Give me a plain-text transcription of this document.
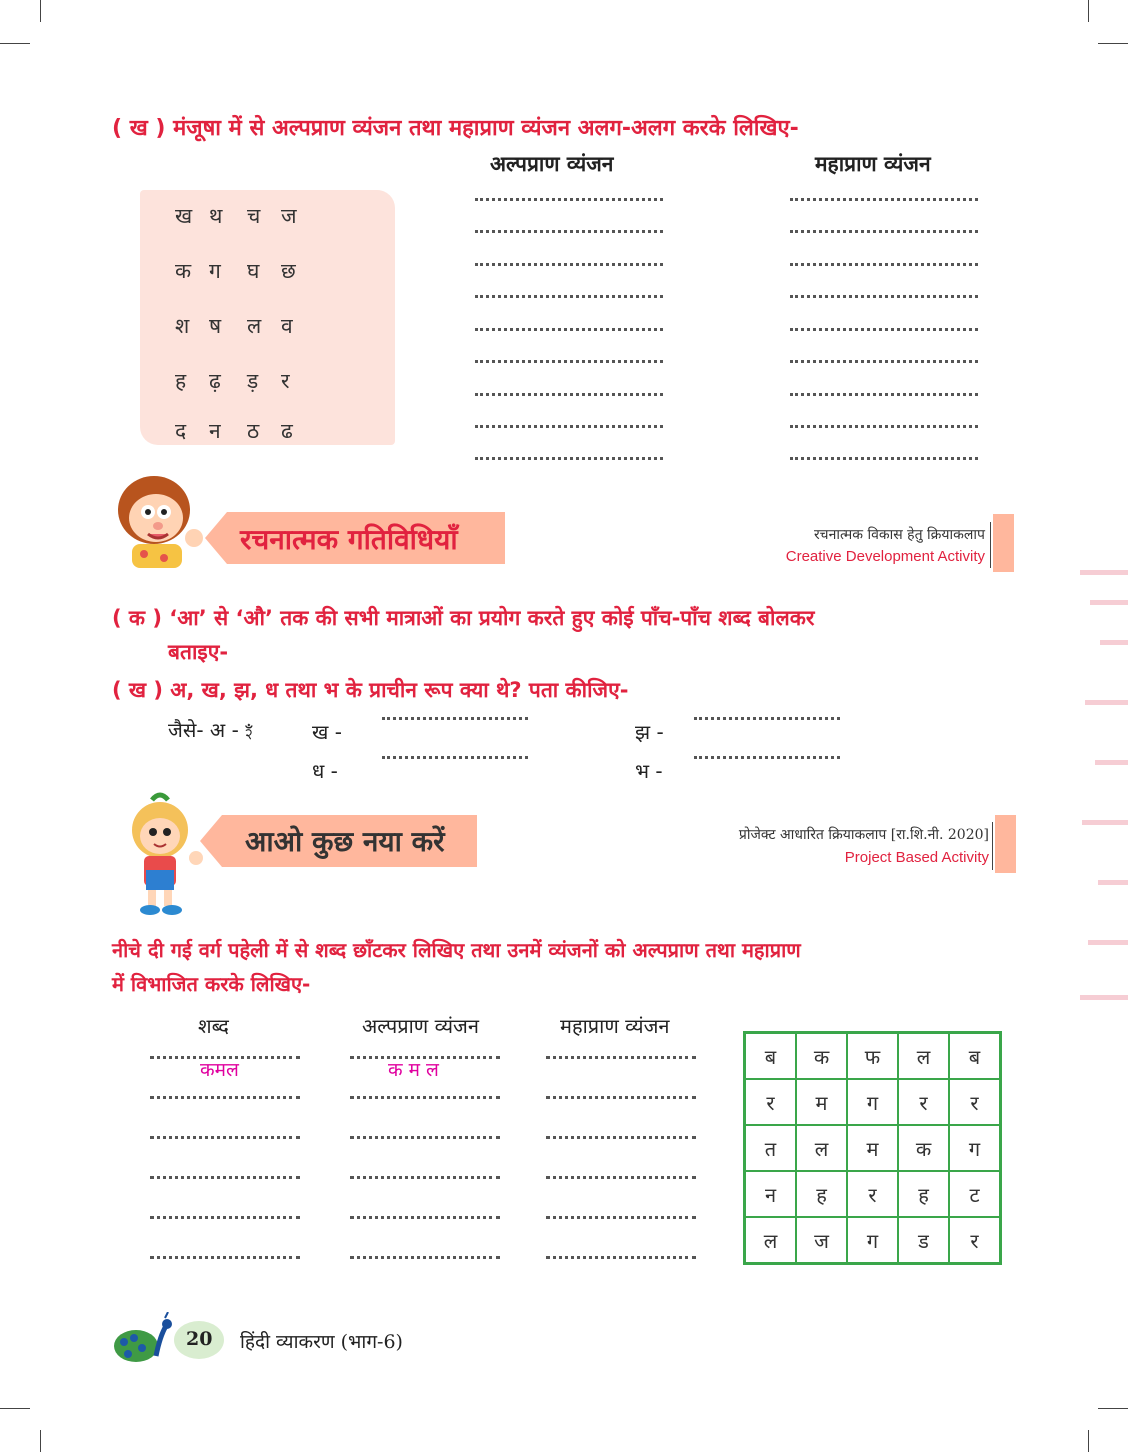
( ख ) मंजूषा में से अल्पप्राण व्यंजन तथा महाप्राण व्यंजन अलग-अलग करके लिखिए-
अल्पप्राण व्यंजन	महाप्राण व्यंजन
ख थ च ज
क ग घ छ
श ष ल व
ह ढ़ ड़ र
द न ठ ढ
रचनात्मक गतिविधियाँ	रचनात्मक विकास हेतु क्रियाकलाप
Creative Development Activity
( क ) ‘आ’ से ‘औ’ तक की सभी मात्राओं का प्रयोग करते हुए कोई पाँच-पाँच शब्द बोलकर
बताइए-
( ख ) अ, ख, झ, ध तथा भ के प्राचीन रूप क्या थे? पता कीजिए-
जैसे- अ - ꣵ	ख -	झ -
ध -	भ -
आओ कुछ नया करें	प्रोजेक्ट आधारित क्रियाकलाप [रा.शि.नी. 2020]
Project Based Activity
नीचे दी गई वर्ग पहेली में से शब्द छाँटकर लिखिए तथा उनमें व्यंजनों को अल्पप्राण तथा महाप्राण
में विभाजित करके लिखिए-
शब्द	अल्पप्राण व्यंजन	महाप्राण व्यंजन
कमल	क म ल
ब	क	फ	ल	ब
र	म	ग	र	र
त	ल	म	क	ग
न	ह	र	ह	ट
ल	ज	ग	ड	र
20 हिंदी व्याकरण (भाग-6)
